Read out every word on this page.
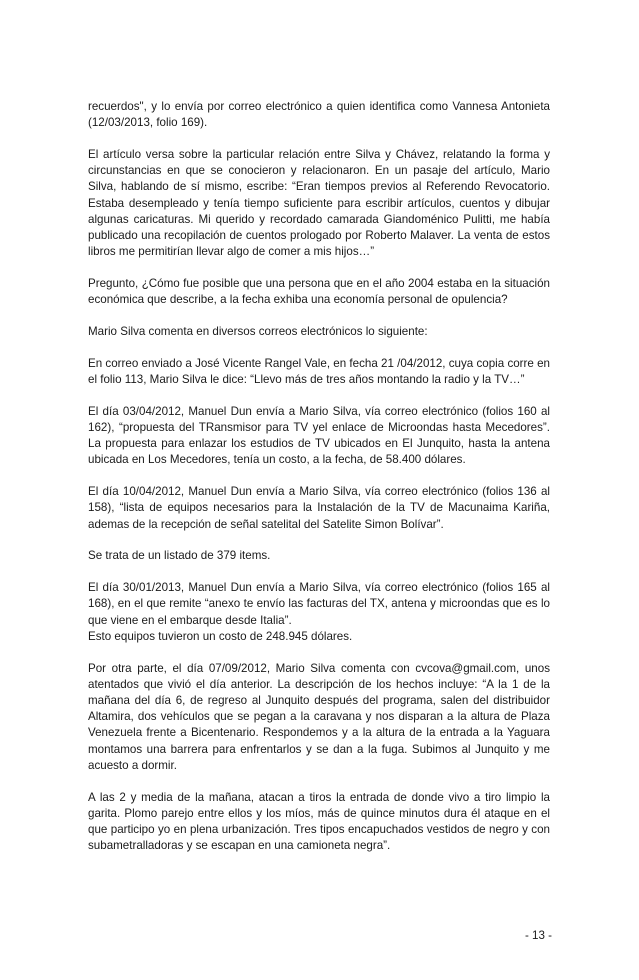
recuerdos", y lo envía por correo electrónico a quien identifica como Vannesa Antonieta (12/03/2013, folio 169).

El artículo versa sobre la particular relación entre Silva y Chávez, relatando la forma y circunstancias en que se conocieron y relacionaron. En un pasaje del artículo, Mario Silva, hablando de sí mismo, escribe: “Eran tiempos previos al Referendo Revocatorio. Estaba desempleado y tenía tiempo suficiente para escribir artículos, cuentos y dibujar algunas caricaturas. Mi querido y recordado camarada Giandoménico Pulitti, me había publicado una recopilación de cuentos prologado por Roberto Malaver. La venta de estos libros me permitirían llevar algo de comer a mis hijos…”

Pregunto, ¿Cómo fue posible que una persona que en el año 2004 estaba en la situación económica que describe, a la fecha exhiba una economía personal de opulencia?

Mario Silva comenta en diversos correos electrónicos lo siguiente:

En correo enviado a José Vicente Rangel Vale, en fecha 21 /04/2012, cuya copia corre en el folio 113, Mario Silva le dice: “Llevo más de tres años montando la radio y la TV…”

El día 03/04/2012, Manuel Dun envía a Mario Silva, vía correo electrónico (folios 160 al 162), “propuesta del TRansmisor para TV yel enlace de Microondas hasta Mecedores”. La propuesta para enlazar los estudios de TV ubicados en El Junquito, hasta la antena ubicada en Los Mecedores, tenía un costo, a la fecha, de 58.400 dólares.

El día 10/04/2012, Manuel Dun envía a Mario Silva, vía correo electrónico (folios 136 al 158), “lista de equipos necesarios para la Instalación de la TV de Macunaima Kariña, ademas de la recepción de señal satelital del Satelite Simon Bolívar”.

Se trata de un listado de 379 items.

El día 30/01/2013, Manuel Dun envía a Mario Silva, vía correo electrónico (folios 165 al 168), en el que remite “anexo te envío las facturas del TX, antena y microondas que es lo que viene en el embarque desde Italia”.

Esto equipos tuvieron un costo de 248.945 dólares.

Por otra parte, el día 07/09/2012, Mario Silva comenta con cvcova@gmail.com, unos atentados que vivió el día anterior. La descripción de los hechos incluye: “A la 1 de la mañana del día 6, de regreso al Junquito después del programa, salen del distribuidor Altamira, dos vehículos que se pegan a la caravana y nos disparan a la altura de Plaza Venezuela frente a Bicentenario. Respondemos y a la altura de la entrada a la Yaguara montamos una barrera para enfrentarlos y se dan a la fuga. Subimos al Junquito y me acuesto a dormir.

A las 2 y media de la mañana, atacan a tiros la entrada de donde vivo a tiro limpio la garita. Plomo parejo entre ellos y los míos, más de quince minutos dura él ataque en el que participo yo en plena urbanización. Tres tipos encapuchados vestidos de negro y con subametralladoras y se escapan en una camioneta negra”.

- 13 -
